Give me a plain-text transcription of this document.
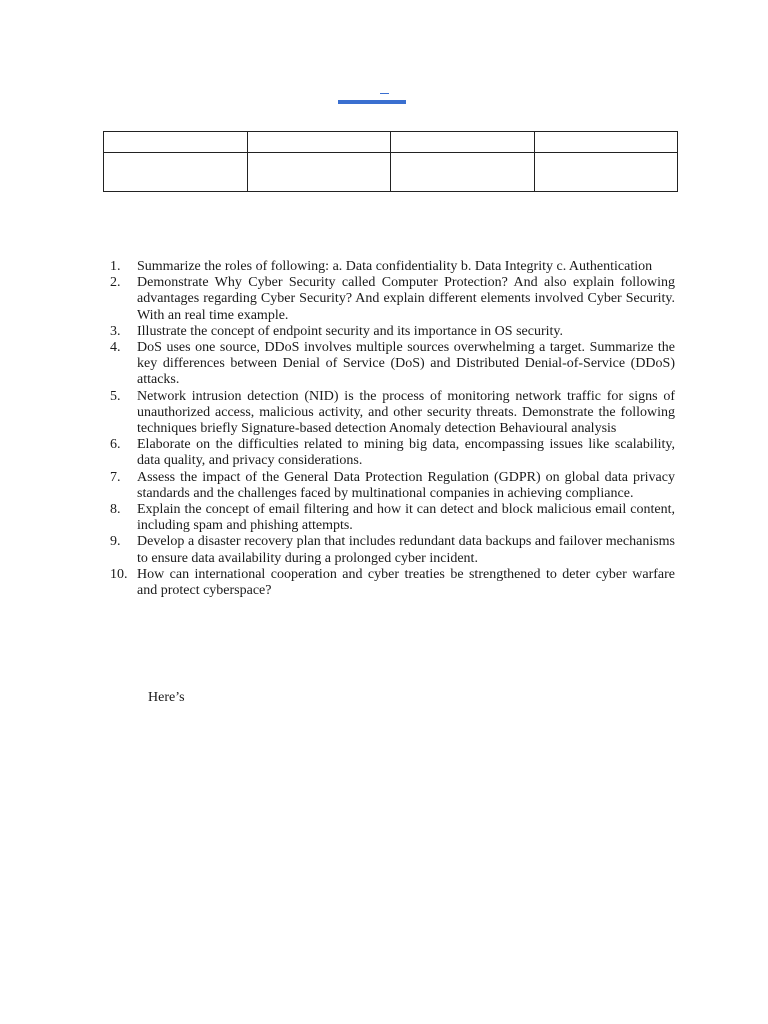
1.	Summarize the roles of following: a. Data confidentiality b. Data Integrity c. Authentication
2.	Demonstrate Why Cyber Security called Computer Protection? And also explain following advantages regarding Cyber Security? And explain different elements involved Cyber Security. With an real time example.
3.	Illustrate the concept of endpoint security and its importance in OS security.
4.	DoS uses one source, DDoS involves multiple sources overwhelming a target. Summarize the key differences between Denial of Service (DoS) and Distributed Denial-of-Service (DDoS) attacks.
5.	Network intrusion detection (NID) is the process of monitoring network traffic for signs of unauthorized access, malicious activity, and other security threats. Demonstrate the following techniques briefly Signature-based detection Anomaly detection Behavioural analysis
6.	Elaborate on the difficulties related to mining big data, encompassing issues like scalability, data quality, and privacy considerations.
7.	Assess the impact of the General Data Protection Regulation (GDPR) on global data privacy standards and the challenges faced by multinational companies in achieving compliance.
8.	Explain the concept of email filtering and how it can detect and block malicious email content, including spam and phishing attempts.
9.	Develop a disaster recovery plan that includes redundant data backups and failover mechanisms to ensure data availability during a prolonged cyber incident.
10. How can international cooperation and cyber treaties be strengthened to deter cyber warfare and protect cyberspace?
Here’s
